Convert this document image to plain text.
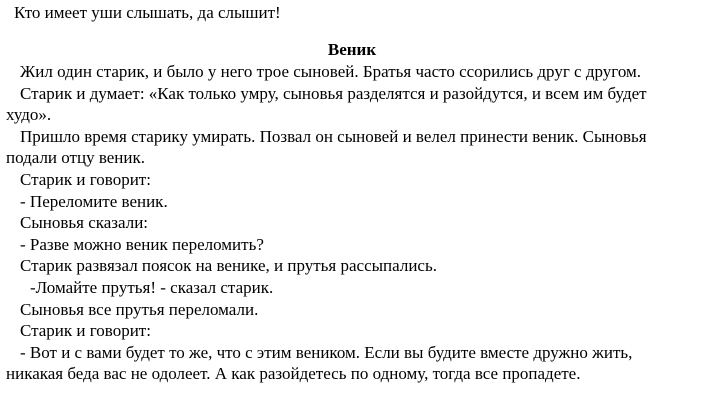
Кто имеет уши слышать, да слышит!
Веник
Жил один старик, и было у него трое сыновей. Братья часто ссорились друг с другом.
Старик и думает: «Как только умру, сыновья разделятся и разойдутся, и всем им будет
худо».
Пришло время старику умирать. Позвал он сыновей и велел принести веник. Сыновья
подали отцу веник.
Старик и говорит:
- Переломите веник.
Сыновья сказали:
- Разве можно веник переломить?
Старик развязал поясок на венике, и прутья рассыпались.
-Ломайте прутья! - сказал старик.
Сыновья все прутья переломали.
Старик и говорит:
- Вот и с вами будет то же, что с этим веником. Если вы будите вместе дружно жить,
никакая беда вас не одолеет. А как разойдетесь по одному, тогда все пропадете.
